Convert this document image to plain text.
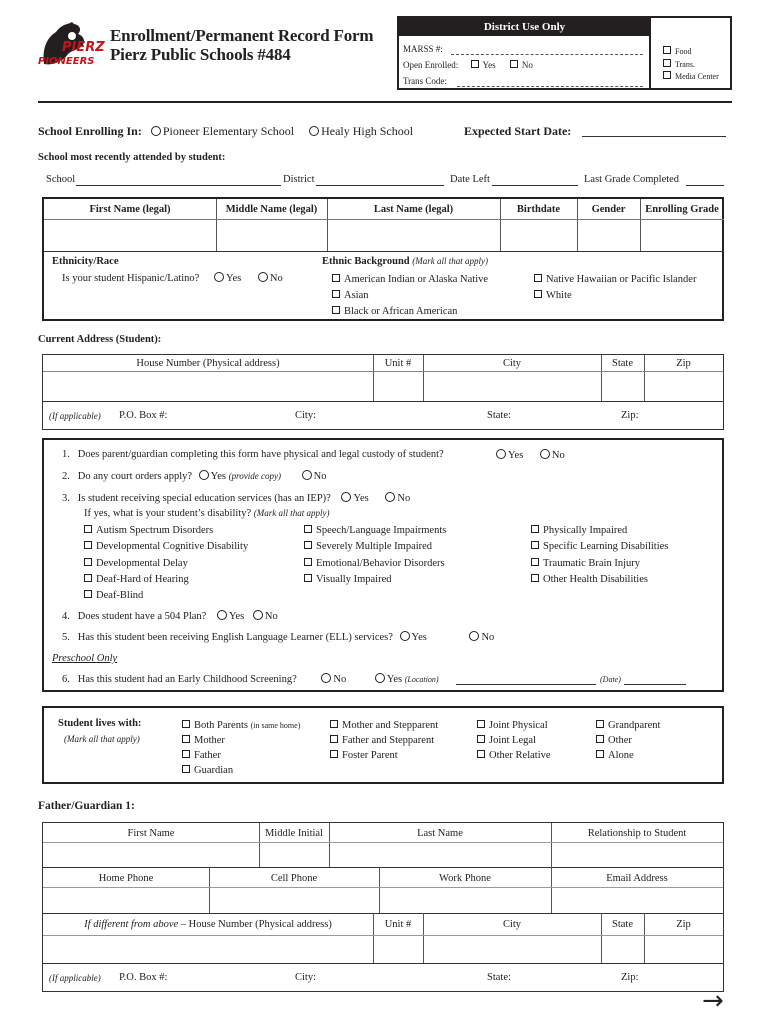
PIERZ
PIONEERS
Enrollment/Permanent Record Form
Pierz Public Schools #484
District Use Only
MARSS #:
Open Enrolled:	Yes	No
Trans Code:
Food
Trans.
Media Center
School Enrolling In: Pioneer Elementary School Healy High School	Expected Start Date:
School most recently attended by student:
School	District	Date Left	Last Grade Completed
First Name (legal)	Middle Name (legal)	Last Name (legal)	Birthdate	Gender	Enrolling Grade
Ethnicity/Race
Is your student Hispanic/Latino?	Yes	No
Ethnic Background (Mark all that apply)
American Indian or Alaska Native
Asian
Black or African American
Native Hawaiian or Pacific Islander
White
Current Address (Student):
House Number (Physical address)	Unit #	City	State	Zip
(If applicable) P.O. Box #:	City:	State:	Zip:
1. Does parent/guardian completing this form have physical and legal custody of student?	Yes	No
2. Do any court orders apply? Yes (provide copy)	No
3. Is student receiving special education services (has an IEP)? Yes	No
If yes, what is your student’s disability? (Mark all that apply)
Autism Spectrum Disorders
Developmental Cognitive Disability
Developmental Delay
Deaf-Hard of Hearing
Deaf-Blind
Speech/Language Impairments
Severely Multiple Impaired
Emotional/Behavior Disorders
Visually Impaired
Physically Impaired
Specific Learning Disabilities
Traumatic Brain Injury
Other Health Disabilities
4. Does student have a 504 Plan? Yes No
5. Has this student been receiving English Language Learner (ELL) services? Yes	No
Preschool Only
6. Has this student had an Early Childhood Screening?	No	Yes (Location)	(Date)
Student lives with:
(Mark all that apply)
Both Parents (in same home)
Mother
Father
Guardian
Mother and Stepparent
Father and Stepparent
Foster Parent
Joint Physical
Joint Legal
Other Relative
Grandparent
Other
Alone
Father/Guardian 1:
First Name	Middle Initial	Last Name	Relationship to Student
Home Phone	Cell Phone	Work Phone	Email Address
If different from above – House Number (Physical address)	Unit #	City	State	Zip
(If applicable) P.O. Box #:	City:	State:	Zip:
→
